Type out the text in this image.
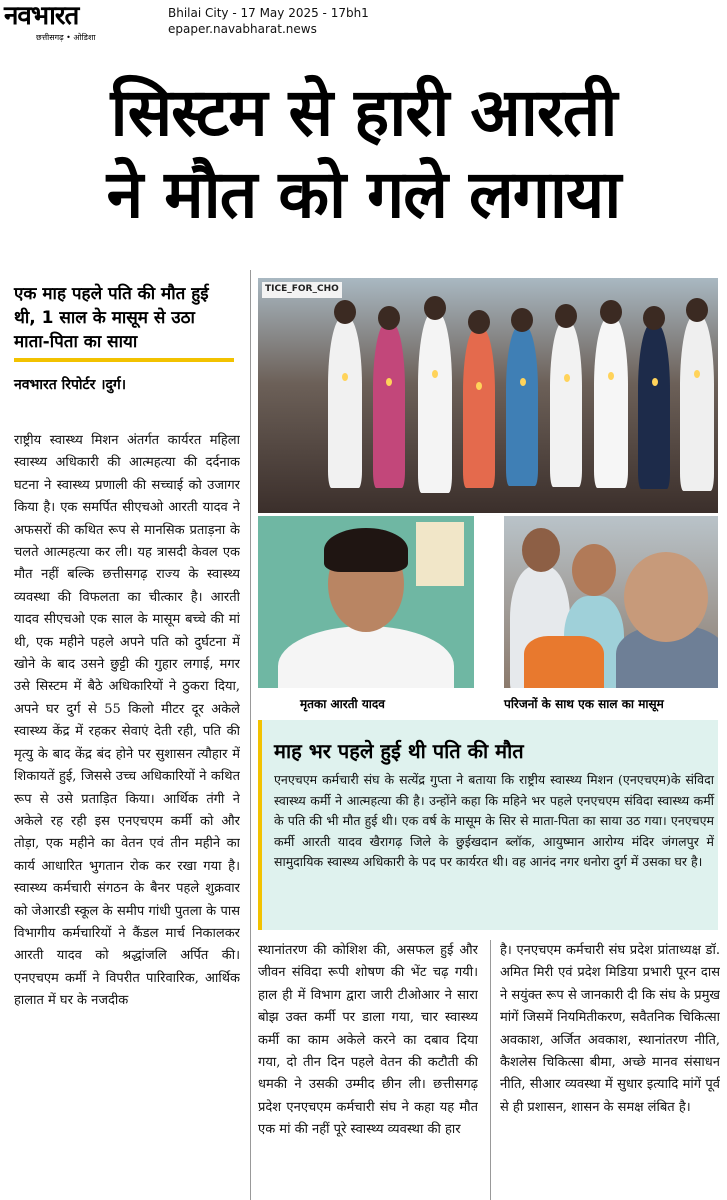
नवभारत
छत्तीसगढ़ • ओडिशा
Bhilai City - 17 May 2025 - 17bh1
epaper.navabharat.news
सिस्टम से हारी आरती
ने मौत को गले लगाया
एक माह पहले पति की मौत हुई थी, 1 साल के मासूम से उठा माता-पिता का साया
नवभारत रिपोर्टर ।दुर्ग।
राष्ट्रीय स्वास्थ्य मिशन अंतर्गत कार्यरत महिला स्वास्थ्य अधिकारी की आत्महत्या की दर्दनाक घटना ने स्वास्थ्य प्रणाली की सच्चाई को उजागर किया है। एक समर्पित सीएचओ आरती यादव ने अफसरों की कथित रूप से मानसिक प्रताड़ना के चलते आत्महत्या कर ली। यह त्रासदी केवल एक मौत नहीं बल्कि छत्तीसगढ़ राज्य के स्वास्थ्य व्यवस्था की विफलता का चीत्कार है। आरती यादव सीएचओ एक साल के मासूम बच्चे की मां थी, एक महीने पहले अपने पति को दुर्घटना में खोने के बाद उसने छुट्टी की गुहार लगाई, मगर उसे सिस्टम में बैठे अधिकारियों ने ठुकरा दिया, अपने घर दुर्ग से 55 किलो मीटर दूर अकेले स्वास्थ्य केंद्र में रहकर सेवाएं देती रही, पति की मृत्यु के बाद केंद्र बंद होने पर सुशासन त्यौहार में शिकायतें हुई, जिससे उच्च अधिकारियों ने कथित रूप से उसे प्रताड़ित किया। आर्थिक तंगी ने अकेले रह रही इस एनएचएम कर्मी को और तोड़ा, एक महीने का वेतन एवं तीन महीने का कार्य आधारित भुगतान रोक कर रखा गया है। स्वास्थ्य कर्मचारी संगठन के बैनर पहले शुक्रवार को जेआरडी स्कूल के समीप गांधी पुतला के पास विभागीय कर्मचारियों ने कैंडल मार्च निकालकर आरती यादव को श्रद्धांजलि अर्पित की। एनएचएम कर्मी ने विपरीत पारिवारिक, आर्थिक हालात में घर के नजदीक
स्थानांतरण की कोशिश की, असफल हुई और जीवन संविदा रूपी शोषण की भेंट चढ़ गयी। हाल ही में विभाग द्वारा जारी टीओआर ने सारा बोझ उक्त कर्मी पर डाला गया, चार स्वास्थ्य कर्मी का काम अकेले करने का दबाव दिया गया, दो तीन दिन पहले वेतन की कटौती की धमकी ने उसकी उम्मीद छीन ली। छत्तीसगढ़ प्रदेश एनएचएम कर्मचारी संघ ने कहा यह मौत एक मां की नहीं पूरे स्वास्थ्य व्यवस्था की हार
है। एनएचएम कर्मचारी संघ प्रदेश प्रांताध्यक्ष डॉ. अमित मिरी एवं प्रदेश मिडिया प्रभारी पूरन दास ने सयुंक्त रूप से जानकारी दी कि संघ के प्रमुख मांगें जिसमें नियमितीकरण, सवैतनिक चिकित्सा अवकाश, अर्जित अवकाश, स्थानांतरण नीति, कैशलेस चिकित्सा बीमा, अच्छे मानव संसाधन नीति, सीआर व्यवस्था में सुधार इत्यादि मांगें पूर्व से ही प्रशासन, शासन के समक्ष लंबित है।
TICE_FOR_CHO
मृतका आरती यादव	परिजनों के साथ एक साल का मासूम
माह भर पहले हुई थी पति की मौत
एनएचएम कर्मचारी संघ के सत्येंद्र गुप्ता ने बताया कि राष्ट्रीय स्वास्थ्य मिशन (एनएचएम)के संविदा स्वास्थ्य कर्मी ने आत्महत्या की है। उन्होंने कहा कि महिने भर पहले एनएचएम संविदा स्वास्थ्य कर्मी के पति की भी मौत हुई थी। एक वर्ष के मासूम के सिर से माता-पिता का साया उठ गया। एनएचएम कर्मी आरती यादव खैरागढ़ जिले के छुईखदान ब्लॉक, आयुष्मान आरोग्य मंदिर जंगलपुर में सामुदायिक स्वास्थ्य अधिकारी के पद पर कार्यरत थी। वह आनंद नगर धनोरा दुर्ग में उसका घर है।
